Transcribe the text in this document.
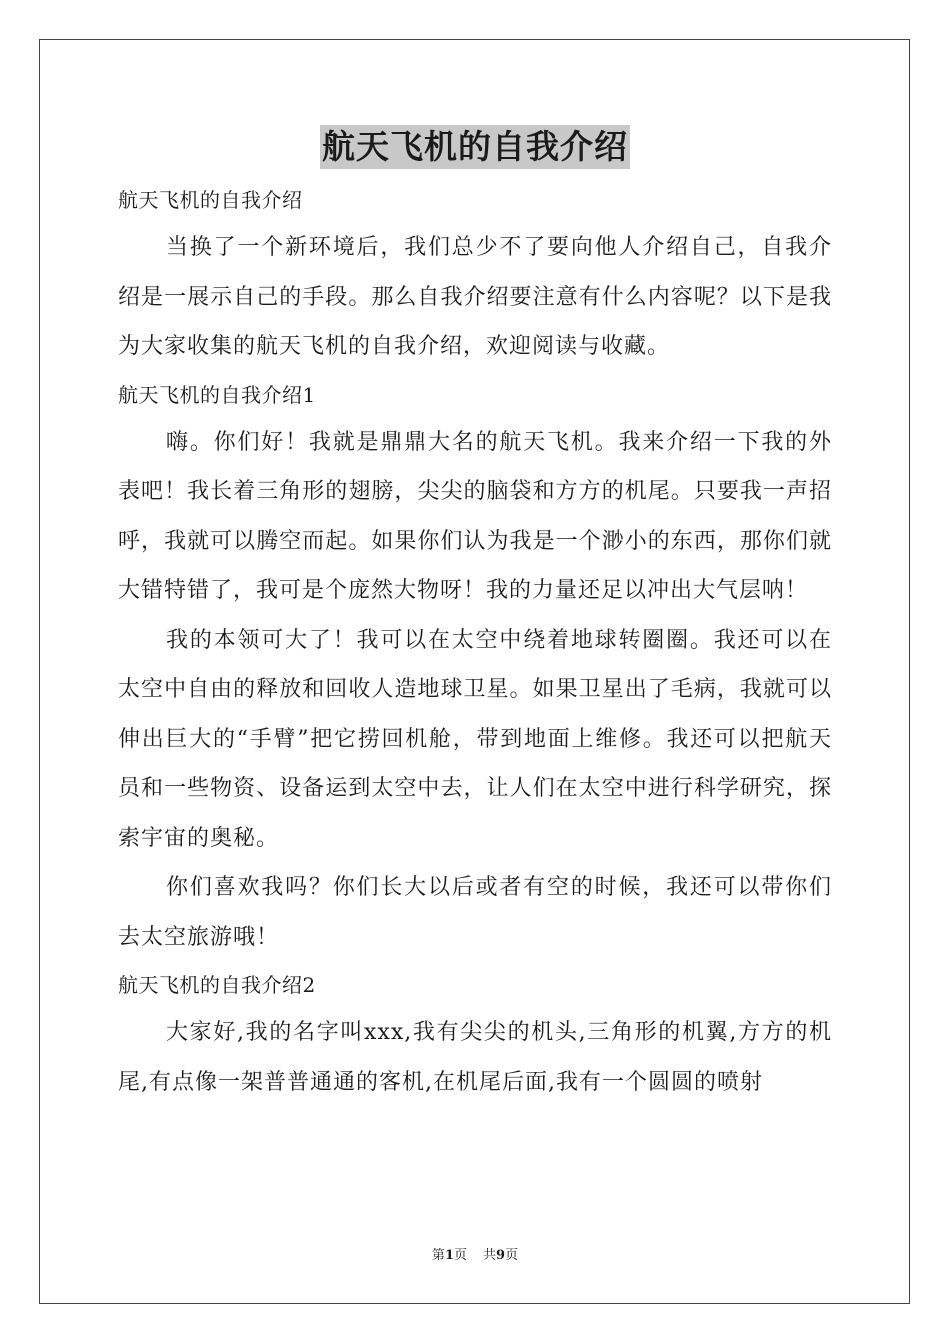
航天飞机的自我介绍

航天飞机的自我介绍

当换了一个新环境后，我们总少不了要向他人介绍自己，自我介绍是一展示自己的手段。那么自我介绍要注意有什么内容呢？以下是我为大家收集的航天飞机的自我介绍，欢迎阅读与收藏。

航天飞机的自我介绍1

嗨。你们好！我就是鼎鼎大名的航天飞机。我来介绍一下我的外表吧！我长着三角形的翅膀，尖尖的脑袋和方方的机尾。只要我一声招呼，我就可以腾空而起。如果你们认为我是一个渺小的东西，那你们就大错特错了，我可是个庞然大物呀！我的力量还足以冲出大气层呐！

我的本领可大了！我可以在太空中绕着地球转圈圈。我还可以在太空中自由的释放和回收人造地球卫星。如果卫星出了毛病，我就可以伸出巨大的“手臂”把它捞回机舱，带到地面上维修。我还可以把航天员和一些物资、设备运到太空中去，让人们在太空中进行科学研究，探索宇宙的奥秘。

你们喜欢我吗？你们长大以后或者有空的时候，我还可以带你们去太空旅游哦！

航天飞机的自我介绍2

大家好,我的名字叫xxx,我有尖尖的机头,三角形的机翼,方方的机尾,有点像一架普普通通的客机,在机尾后面,我有一个圆圆的喷射

第1页 共9页
